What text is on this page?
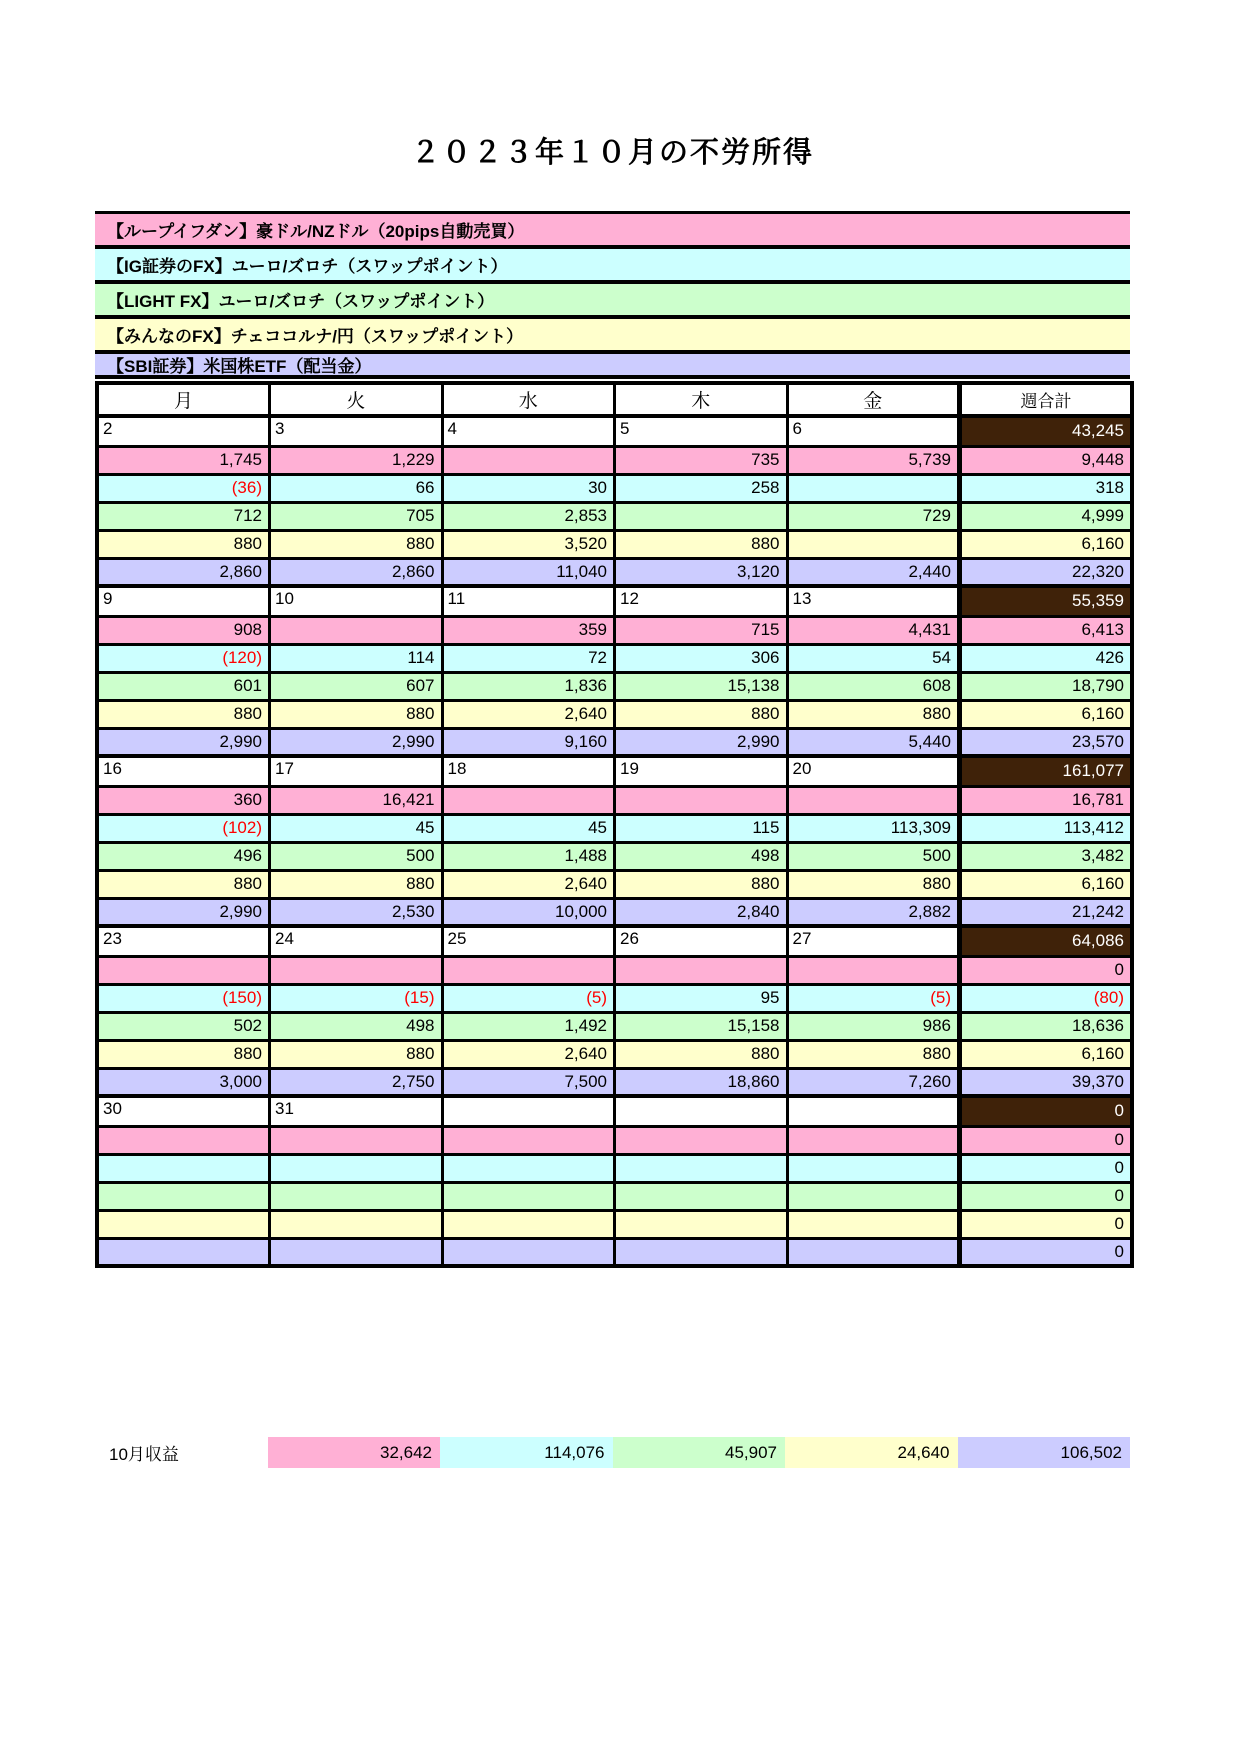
２０２３年１０月の不労所得
【ループイフダン】豪ドル/NZドル（20pips自動売買）
【IG証券のFX】ユーロ/ズロチ（スワップポイント）
【LIGHT FX】ユーロ/ズロチ（スワップポイント）
【みんなのFX】チェココルナ/円（スワップポイント）
【SBI証券】米国株ETF（配当金）
月	火	水	木	金	週合計
2	3	4	5	6	43,245
1,745	1,229		735	5,739	9,448
(36)	66	30	258		318
712	705	2,853		729	4,999
880	880	3,520	880		6,160
2,860	2,860	11,040	3,120	2,440	22,320
9	10	11	12	13	55,359
908		359	715	4,431	6,413
(120)	114	72	306	54	426
601	607	1,836	15,138	608	18,790
880	880	2,640	880	880	6,160
2,990	2,990	9,160	2,990	5,440	23,570
16	17	18	19	20	161,077
360	16,421				16,781
(102)	45	45	115	113,309	113,412
496	500	1,488	498	500	3,482
880	880	2,640	880	880	6,160
2,990	2,530	10,000	2,840	2,882	21,242
23	24	25	26	27	64,086
					0
(150)	(15)	(5)	95	(5)	(80)
502	498	1,492	15,158	986	18,636
880	880	2,640	880	880	6,160
3,000	2,750	7,500	18,860	7,260	39,370
30	31				0
					0
					0
					0
					0
					0
10月収益	32,642	114,076	45,907	24,640	106,502
